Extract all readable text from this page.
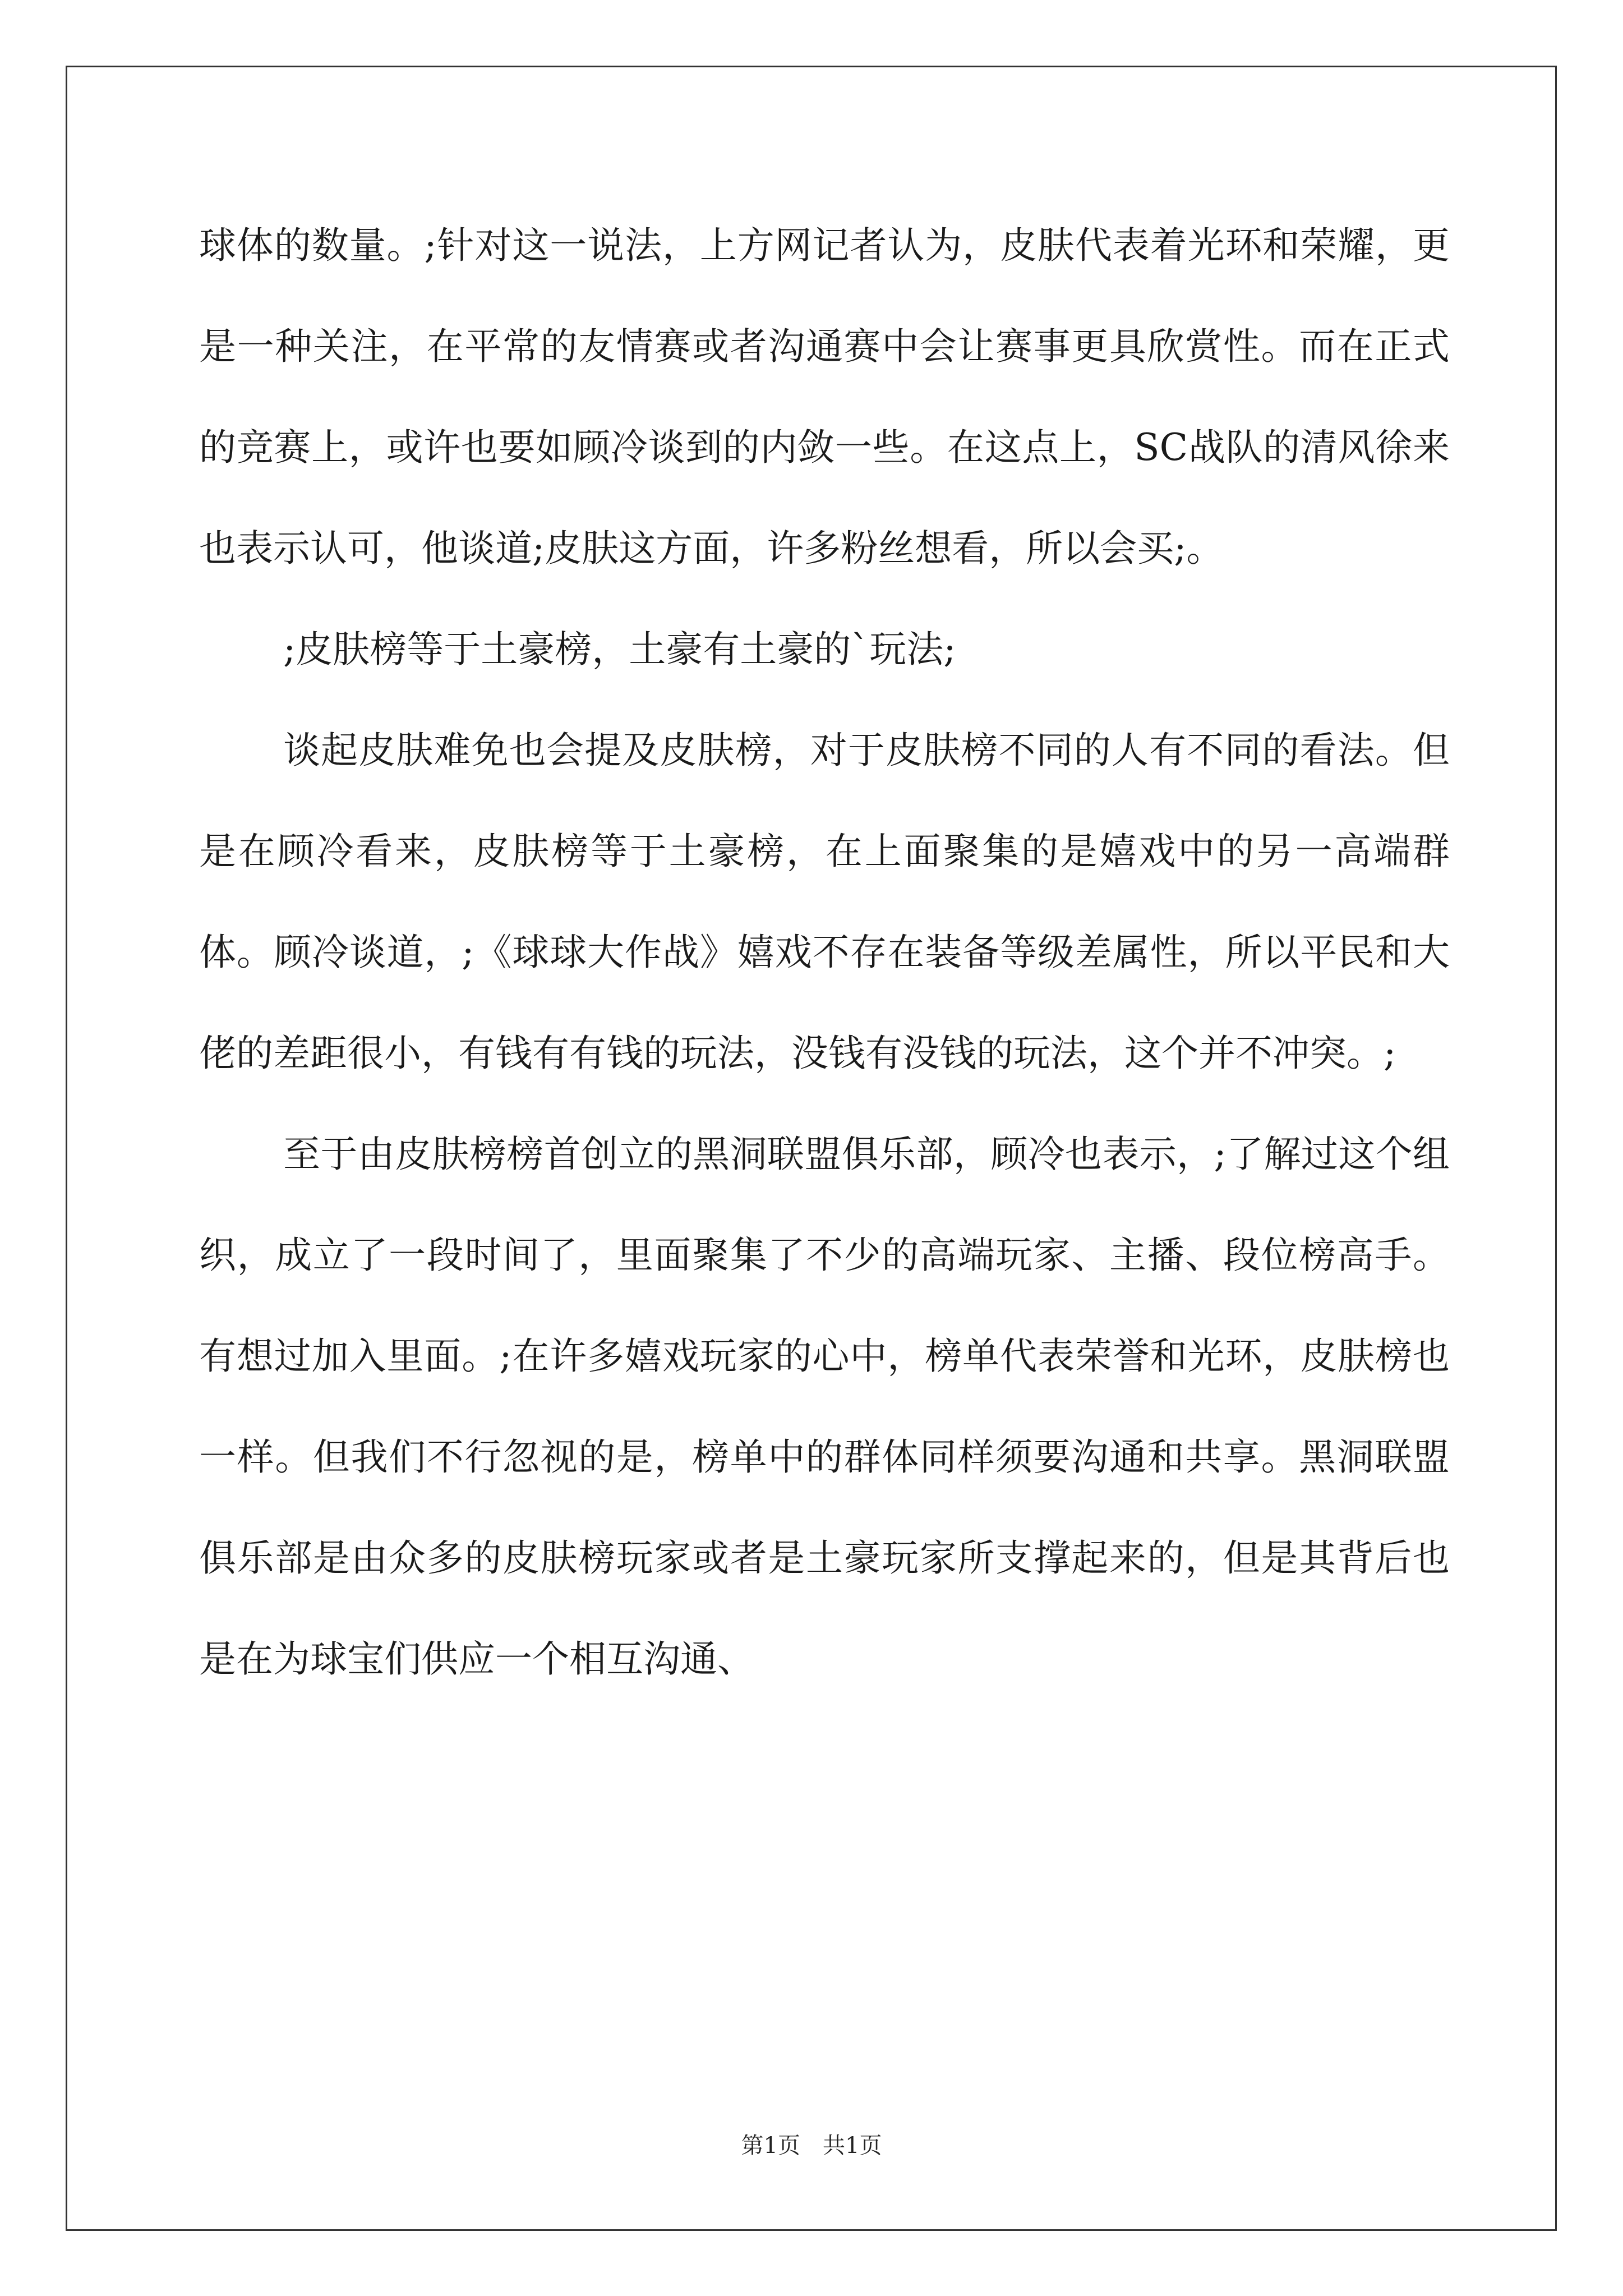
球体的数量。;针对这一说法，上方网记者认为，皮肤代表着光环和荣耀，更是一种关注，在平常的友情赛或者沟通赛中会让赛事更具欣赏性。而在正式的竞赛上，或许也要如顾冷谈到的内敛一些。在这点上，SC战队的清风徐来也表示认可，他谈道;皮肤这方面，许多粉丝想看，所以会买;。

;皮肤榜等于土豪榜，土豪有土豪的`玩法;

谈起皮肤难免也会提及皮肤榜，对于皮肤榜不同的人有不同的看法。但是在顾冷看来，皮肤榜等于土豪榜，在上面聚集的是嬉戏中的另一高端群体。顾冷谈道，;《球球大作战》嬉戏不存在装备等级差属性，所以平民和大佬的差距很小，有钱有有钱的玩法，没钱有没钱的玩法，这个并不冲突。;

至于由皮肤榜榜首创立的黑洞联盟俱乐部，顾冷也表示，;了解过这个组织，成立了一段时间了，里面聚集了不少的高端玩家、主播、段位榜高手。有想过加入里面。;在许多嬉戏玩家的心中，榜单代表荣誉和光环，皮肤榜也一样。但我们不行忽视的是，榜单中的群体同样须要沟通和共享。黑洞联盟俱乐部是由众多的皮肤榜玩家或者是土豪玩家所支撑起来的，但是其背后也是在为球宝们供应一个相互沟通、

第1页 共1页
